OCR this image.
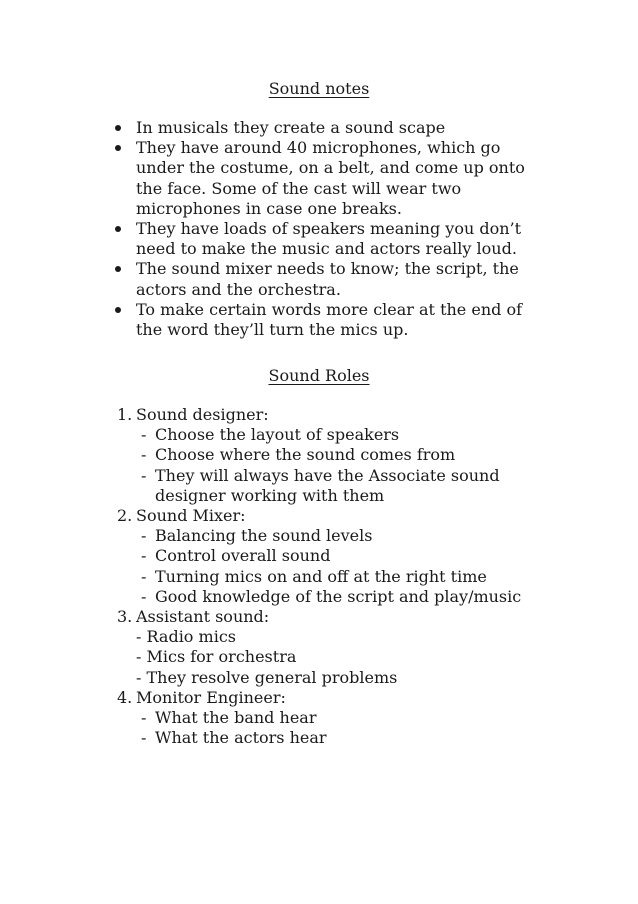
Sound notes
In musicals they create a sound scape
They have around 40 microphones, which go under the costume, on a belt, and come up onto the face. Some of the cast will wear two microphones in case one breaks.
They have loads of speakers meaning you don’t need to make the music and actors really loud.
The sound mixer needs to know; the script, the actors and the orchestra.
To make certain words more clear at the end of the word they’ll turn the mics up.
Sound Roles
1. Sound designer:
- Choose the layout of speakers
- Choose where the sound comes from
- They will always have the Associate sound designer working with them
2. Sound Mixer:
- Balancing the sound levels
- Control overall sound
- Turning mics on and off at the right time
- Good knowledge of the script and play/music
3. Assistant sound:
- Radio mics
- Mics for orchestra
- They resolve general problems
4. Monitor Engineer:
- What the band hear
- What the actors hear
